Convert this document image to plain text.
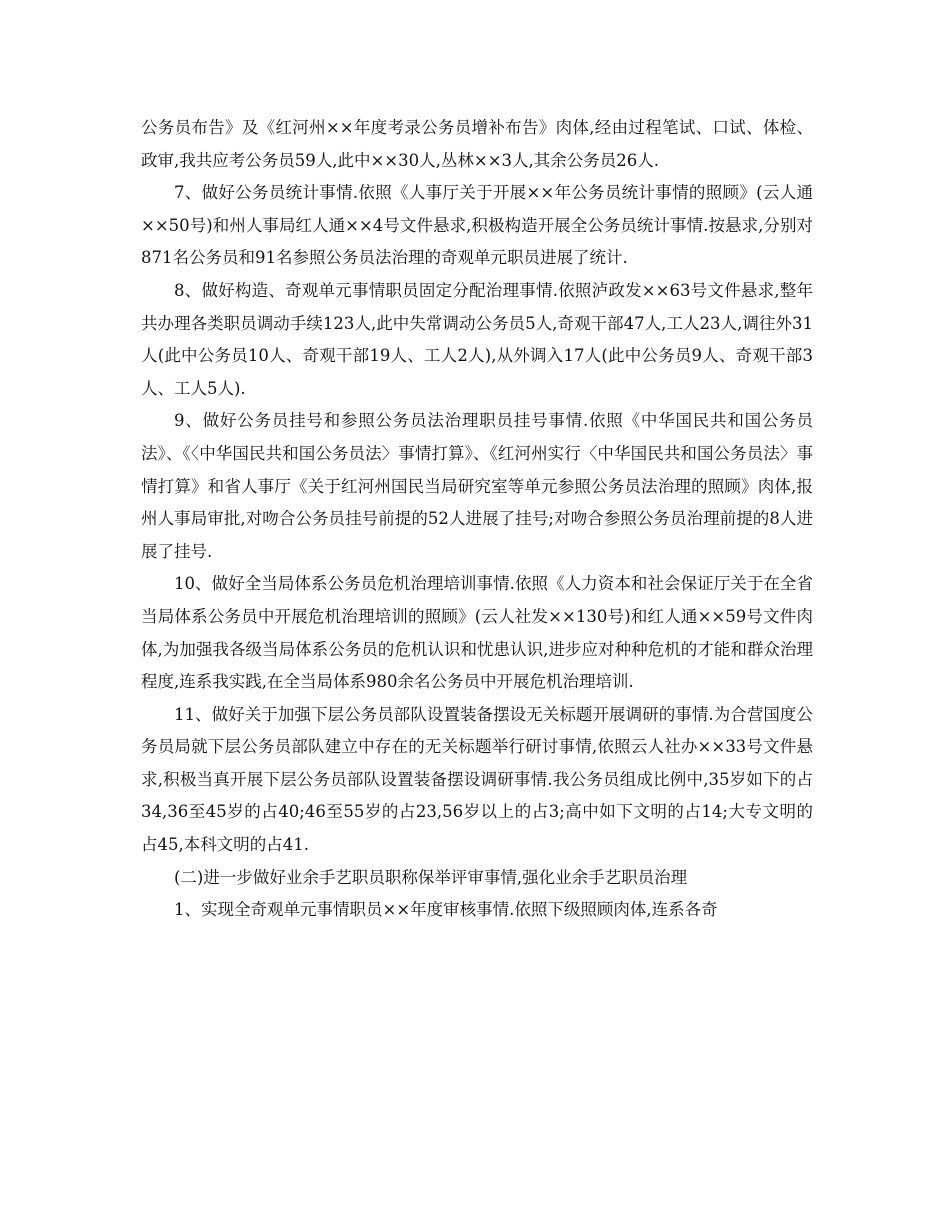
公务员布告》及《红河州××年度考录公务员增补布告》肉体,经由过程笔试、口试、体检、政审,我共应考公务员59人,此中××30人,丛林××3人,其余公务员26人.

7、做好公务员统计事情.依照《人事厅关于开展××年公务员统计事情的照顾》(云人通××50号)和州人事局红人通××4号文件悬求,积极构造开展全公务员统计事情.按悬求,分别对871名公务员和91名参照公务员法治理的奇观单元职员进展了统计.

8、做好构造、奇观单元事情职员固定分配治理事情.依照泸政发××63号文件悬求,整年共办理各类职员调动手续123人,此中失常调动公务员5人,奇观干部47人,工人23人,调往外31人(此中公务员10人、奇观干部19人、工人2人),从外调入17人(此中公务员9人、奇观干部3人、工人5人).

9、做好公务员挂号和参照公务员法治理职员挂号事情.依照《中华国民共和国公务员法》、《〈中华国民共和国公务员法〉事情打算》、《红河州实行〈中华国民共和国公务员法〉事情打算》和省人事厅《关于红河州国民当局研究室等单元参照公务员法治理的照顾》肉体,报州人事局审批,对吻合公务员挂号前提的52人进展了挂号;对吻合参照公务员治理前提的8人进展了挂号.

10、做好全当局体系公务员危机治理培训事情.依照《人力资本和社会保证厅关于在全省当局体系公务员中开展危机治理培训的照顾》(云人社发××130号)和红人通××59号文件肉体,为加强我各级当局体系公务员的危机认识和忧患认识,进步应对种种危机的才能和群众治理程度,连系我实践,在全当局体系980余名公务员中开展危机治理培训.

11、做好关于加强下层公务员部队设置装备摆设无关标题开展调研的事情.为合营国度公务员局就下层公务员部队建立中存在的无关标题举行研讨事情,依照云人社办××33号文件悬求,积极当真开展下层公务员部队设置装备摆设调研事情.我公务员组成比例中,35岁如下的占34,36至45岁的占40;46至55岁的占23,56岁以上的占3;高中如下文明的占14;大专文明的占45,本科文明的占41.

(二)进一步做好业余手艺职员职称保举评审事情,强化业余手艺职员治理

1、实现全奇观单元事情职员××年度审核事情.依照下级照顾肉体,连系各奇
